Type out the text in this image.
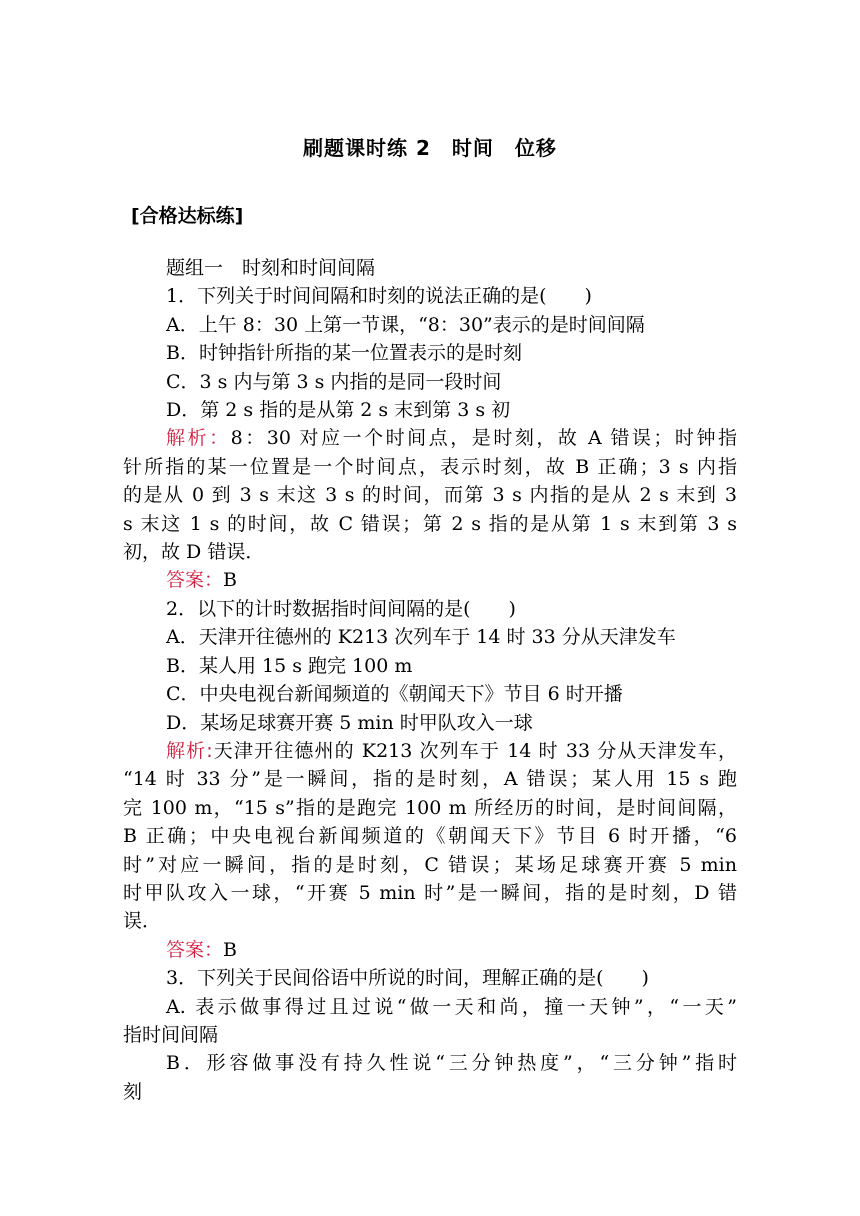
刷题课时练 2　时间　位移
[合格达标练]
题组一　时刻和时间间隔
1．下列关于时间间隔和时刻的说法正确的是(　　)
A．上午 8：30 上第一节课，“8：30”表示的是时间间隔
B．时钟指针所指的某一位置表示的是时刻
C．3 s 内与第 3 s 内指的是同一段时间
D．第 2 s 指的是从第 2 s 末到第 3 s 初
解析：8：30 对应一个时间点，是时刻，故 A 错误；时钟指
针所指的某一位置是一个时间点，表示时刻，故 B 正确；3 s 内指
的是从 0 到 3 s 末这 3 s 的时间，而第 3 s 内指的是从 2 s 末到 3
s 末这 1 s 的时间，故 C 错误；第 2 s 指的是从第 1 s 末到第 3 s
初，故 D 错误．
答案：B
2．以下的计时数据指时间间隔的是(　　)
A．天津开往德州的 K213 次列车于 14 时 33 分从天津发车
B．某人用 15 s 跑完 100 m
C．中央电视台新闻频道的《朝闻天下》节目 6 时开播
D．某场足球赛开赛 5 min 时甲队攻入一球
解析:天津开往德州的 K213 次列车于 14 时 33 分从天津发车，
“14 时 33 分”是一瞬间，指的是时刻，A 错误；某人用 15 s 跑
完 100 m，“15 s”指的是跑完 100 m 所经历的时间，是时间间隔，
B 正确；中央电视台新闻频道的《朝闻天下》节目 6 时开播，“6
时”对应一瞬间，指的是时刻，C 错误；某场足球赛开赛 5 min
时甲队攻入一球，“开赛 5 min 时”是一瞬间，指的是时刻，D 错
误．
答案：B
3．下列关于民间俗语中所说的时间，理解正确的是(　　)
A. 表示做事得过且过说“做一天和尚，撞一天钟”，“一天”
指时间间隔
B．形容做事没有持久性说“三分钟热度”，“三分钟”指时
刻
